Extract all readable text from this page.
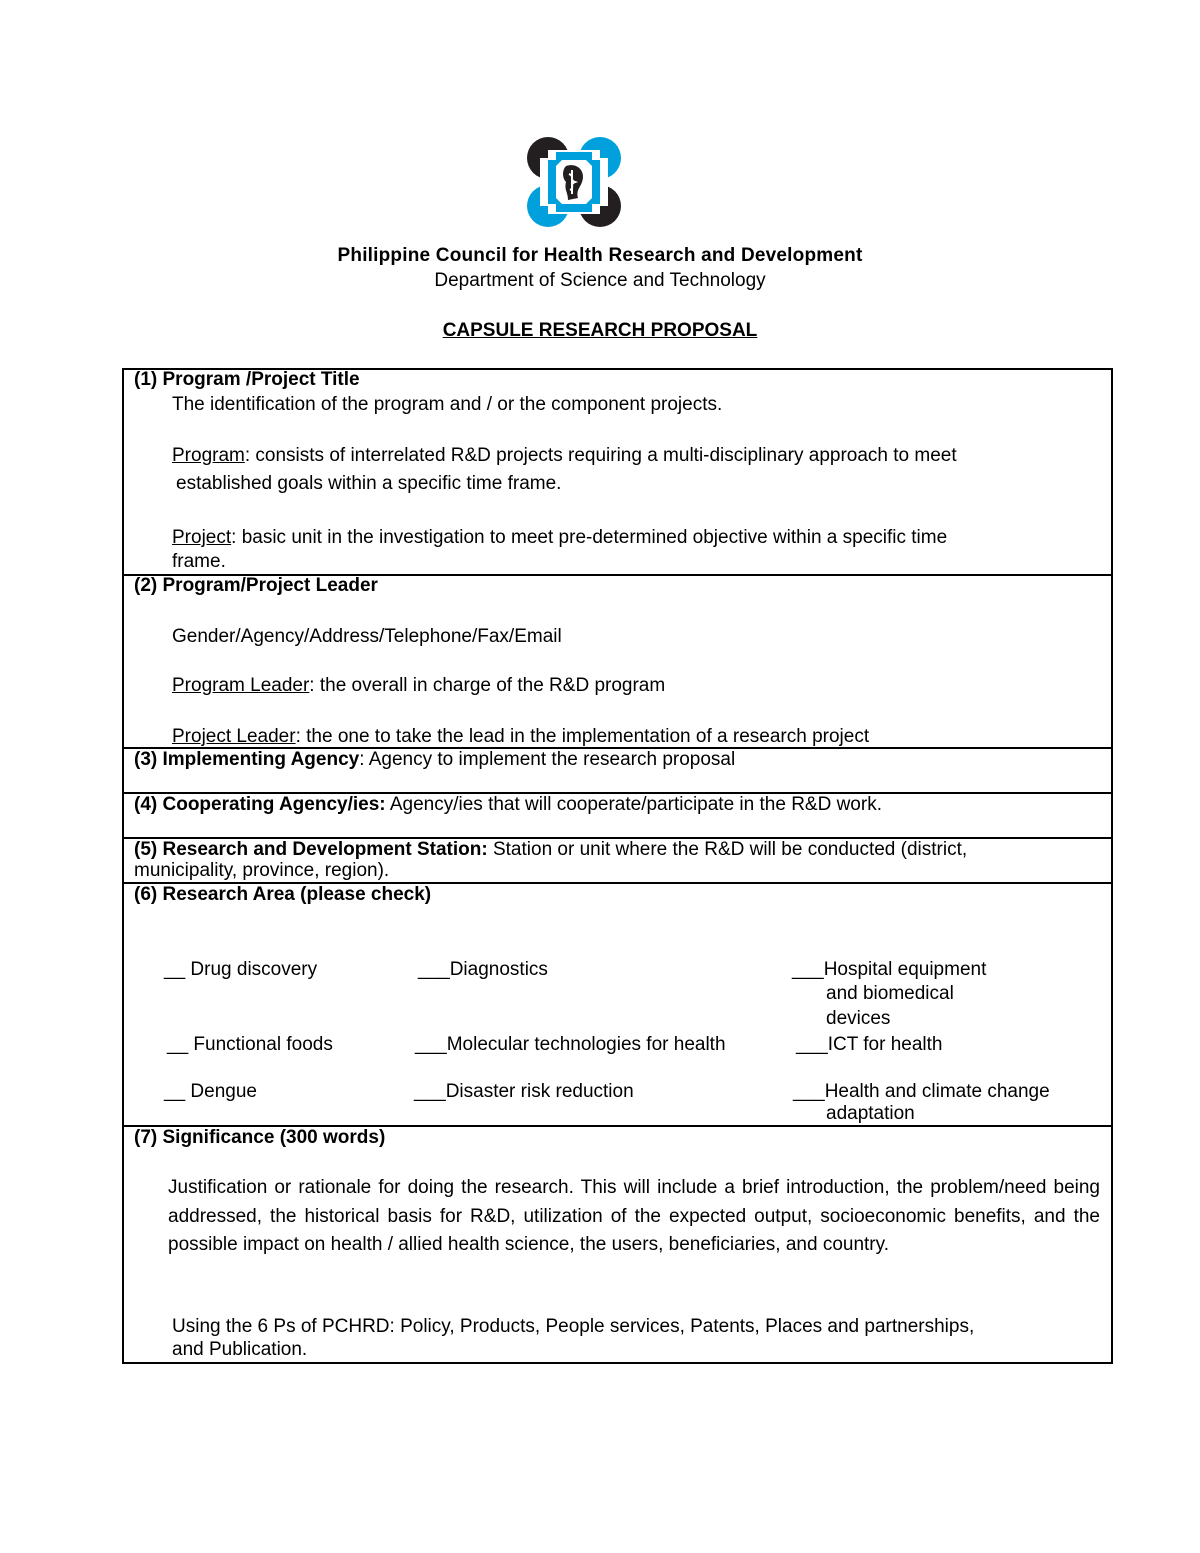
Philippine Council for Health Research and Development
Department of Science and Technology
CAPSULE RESEARCH PROPOSAL
(1) Program /Project Title
The identification of the program and / or the component projects.
Program: consists of interrelated R&D projects requiring a multi-disciplinary approach to meet
established goals within a specific time frame.
Project: basic unit in the investigation to meet pre-determined objective within a specific time
frame.
(2) Program/Project Leader
Gender/Agency/Address/Telephone/Fax/Email
Program Leader: the overall in charge of the R&D program
Project Leader: the one to take the lead in the implementation of a research project
(3) Implementing Agency: Agency to implement the research proposal
(4) Cooperating Agency/ies: Agency/ies that will cooperate/participate in the R&D work.
(5) Research and Development Station: Station or unit where the R&D will be conducted (district,
municipality, province, region).
(6) Research Area (please check)
__ Drug discovery	___Diagnostics	___Hospital equipment
and biomedical
devices
__ Functional foods	___Molecular technologies for health	___ICT for health
__ Dengue	___Disaster risk reduction	___Health and climate change
adaptation
(7) Significance (300 words)
Justification or rationale for doing the research. This will include a brief introduction, the problem/need being addressed, the historical basis for R&D, utilization of the expected output, socioeconomic benefits, and the possible impact on health / allied health science, the users, beneficiaries, and country.
Using the 6 Ps of PCHRD: Policy, Products, People services, Patents, Places and partnerships,
and Publication.
